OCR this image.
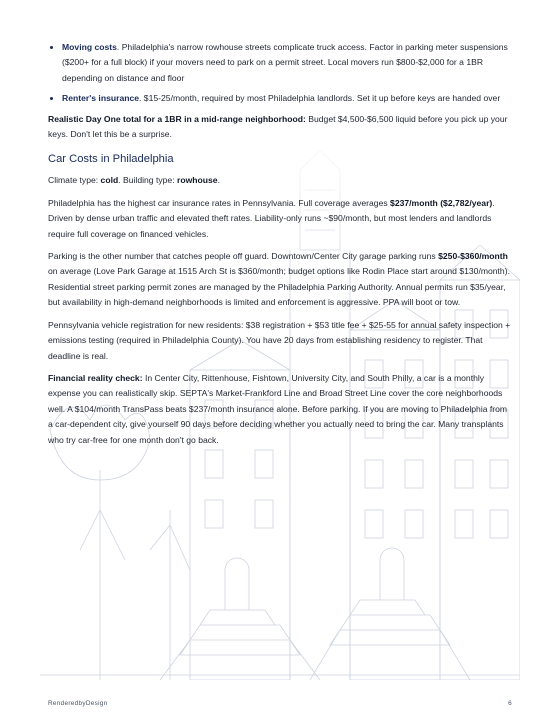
• Moving costs. Philadelphia's narrow rowhouse streets complicate truck access. Factor in parking meter suspensions ($200+ for a full block) if your movers need to park on a permit street. Local movers run $800-$2,000 for a 1BR depending on distance and floor
• Renter's insurance. $15-25/month, required by most Philadelphia landlords. Set it up before keys are handed over

Realistic Day One total for a 1BR in a mid-range neighborhood: Budget $4,500-$6,500 liquid before you pick up your keys. Don't let this be a surprise.

Car Costs in Philadelphia

Climate type: cold. Building type: rowhouse.

Philadelphia has the highest car insurance rates in Pennsylvania. Full coverage averages $237/month ($2,782/year). Driven by dense urban traffic and elevated theft rates. Liability-only runs ~$90/month, but most lenders and landlords require full coverage on financed vehicles.

Parking is the other number that catches people off guard. Downtown/Center City garage parking runs $250-$360/month on average (Love Park Garage at 1515 Arch St is $360/month; budget options like Rodin Place start around $130/month). Residential street parking permit zones are managed by the Philadelphia Parking Authority. Annual permits run $35/year, but availability in high-demand neighborhoods is limited and enforcement is aggressive. PPA will boot or tow.

Pennsylvania vehicle registration for new residents: $38 registration + $53 title fee + $25-55 for annual safety inspection + emissions testing (required in Philadelphia County). You have 20 days from establishing residency to register. That deadline is real.

Financial reality check: In Center City, Rittenhouse, Fishtown, University City, and South Philly, a car is a monthly expense you can realistically skip. SEPTA's Market-Frankford Line and Broad Street Line cover the core neighborhoods well. A $104/month TransPass beats $237/month insurance alone. Before parking. If you are moving to Philadelphia from a car-dependent city, give yourself 90 days before deciding whether you actually need to bring the car. Many transplants who try car-free for one month don't go back.

RenderedbyDesign	6
